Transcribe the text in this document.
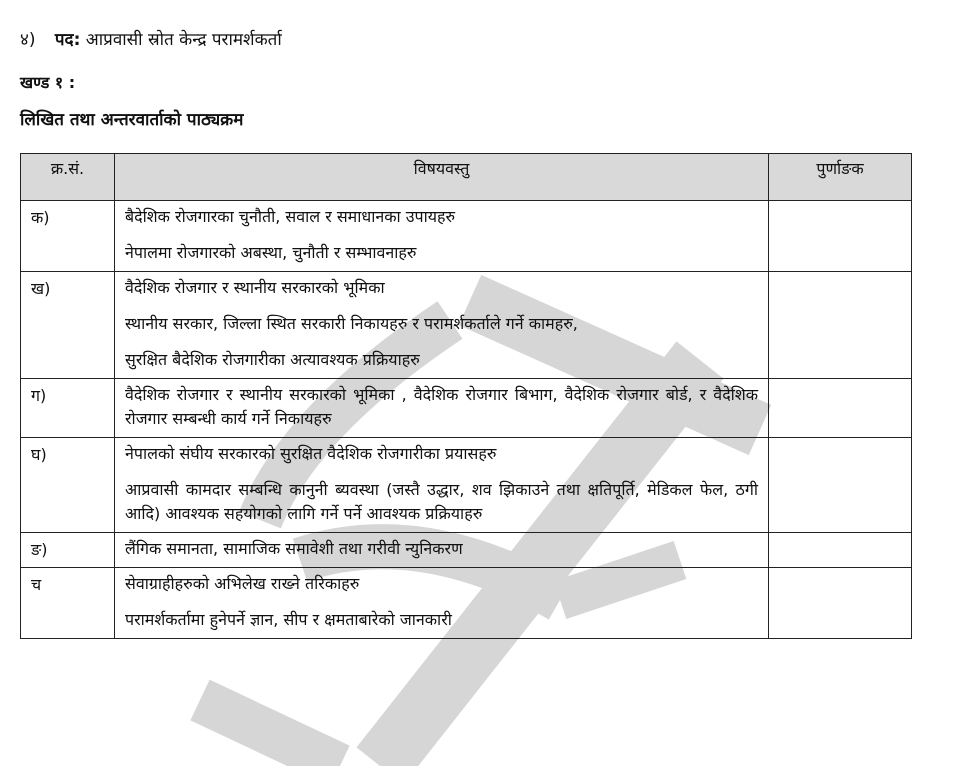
४) पद: आप्रवासी स्रोत केन्द्र परामर्शकर्ता
खण्ड १ :
लिखित तथा अन्तरवार्ताको पाठ्यक्रम
क्र.सं.	विषयवस्तु	पुर्णाङक
क)	बैदेशिक रोजगारका चुनौती, सवाल र समाधानका उपायहरु
नेपालमा रोजगारको अबस्था, चुनौती र सम्भावनाहरु	

ख)	वैदेशिक रोजगार र स्थानीय सरकारको भूमिका
स्थानीय सरकार, जिल्ला स्थित सरकारी निकायहरु र परामर्शकर्ताले गर्ने कामहरु,
सुरक्षित बैदेशिक रोजगारीका अत्यावश्यक प्रक्रियाहरु	

ग)	वैदेशिक रोजगार र स्थानीय सरकारको भूमिका , वैदेशिक रोजगार बिभाग, वैदेशिक रोजगार बोर्ड, र वैदेशिक रोजगार सम्बन्धी कार्य गर्ने निकायहरु	

घ)	नेपालको संघीय सरकारको सुरक्षित वैदेशिक रोजगारीका प्रयासहरु
आप्रवासी कामदार सम्बन्धि कानुनी ब्यवस्था (जस्तै उद्धार, शव झिकाउने तथा क्षतिपूर्ति, मेडिकल फेल, ठगी आदि) आवश्यक सहयोगको लागि गर्ने पर्ने आवश्यक प्रक्रियाहरु	

ङ)	लैंगिक समानता, सामाजिक समावेशी तथा गरीवी न्युनिकरण	

च	सेवाग्राहीहरुको अभिलेख राख्ने तरिकाहरु
परामर्शकर्तामा हुनेपर्ने ज्ञान, सीप र क्षमताबारेको जानकारी	
